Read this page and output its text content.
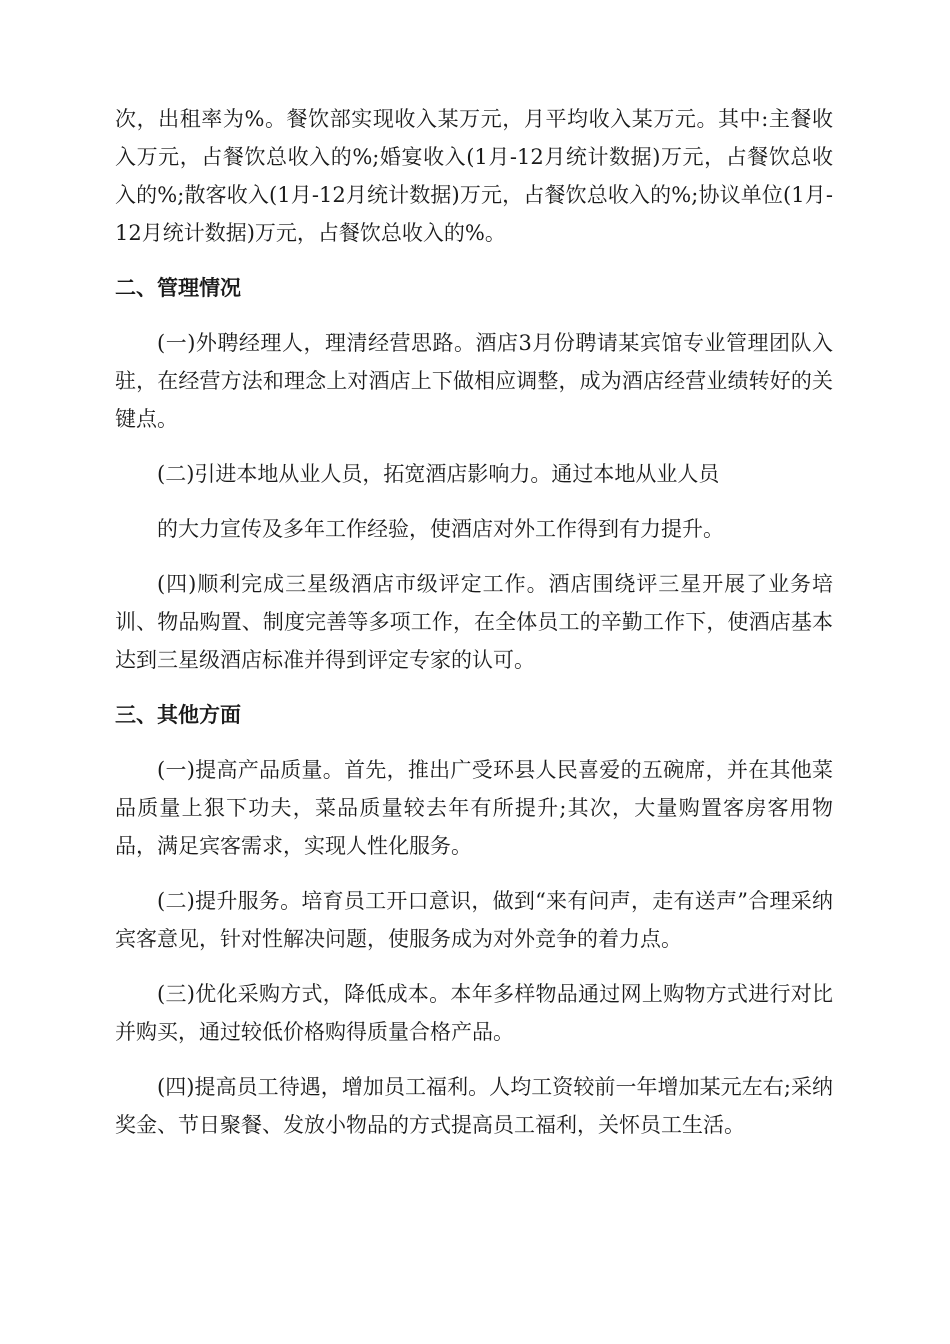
次，出租率为%。餐饮部实现收入某万元，月平均收入某万元。其中:主餐收入万元，占餐饮总收入的%;婚宴收入(1月-12月统计数据)万元，占餐饮总收入的%;散客收入(1月-12月统计数据)万元，占餐饮总收入的%;协议单位(1月-12月统计数据)万元，占餐饮总收入的%。

二、管理情况

(一)外聘经理人，理清经营思路。酒店3月份聘请某宾馆专业管理团队入驻，在经营方法和理念上对酒店上下做相应调整，成为酒店经营业绩转好的关键点。

(二)引进本地从业人员，拓宽酒店影响力。通过本地从业人员

的大力宣传及多年工作经验，使酒店对外工作得到有力提升。

(四)顺利完成三星级酒店市级评定工作。酒店围绕评三星开展了业务培训、物品购置、制度完善等多项工作，在全体员工的辛勤工作下，使酒店基本达到三星级酒店标准并得到评定专家的认可。

三、其他方面

(一)提高产品质量。首先，推出广受环县人民喜爱的五碗席，并在其他菜品质量上狠下功夫，菜品质量较去年有所提升;其次，大量购置客房客用物品，满足宾客需求，实现人性化服务。

(二)提升服务。培育员工开口意识，做到“来有问声，走有送声”合理采纳宾客意见，针对性解决问题，使服务成为对外竞争的着力点。

(三)优化采购方式，降低成本。本年多样物品通过网上购物方式进行对比并购买，通过较低价格购得质量合格产品。

(四)提高员工待遇，增加员工福利。人均工资较前一年增加某元左右;采纳奖金、节日聚餐、发放小物品的方式提高员工福利，关怀员工生活。
